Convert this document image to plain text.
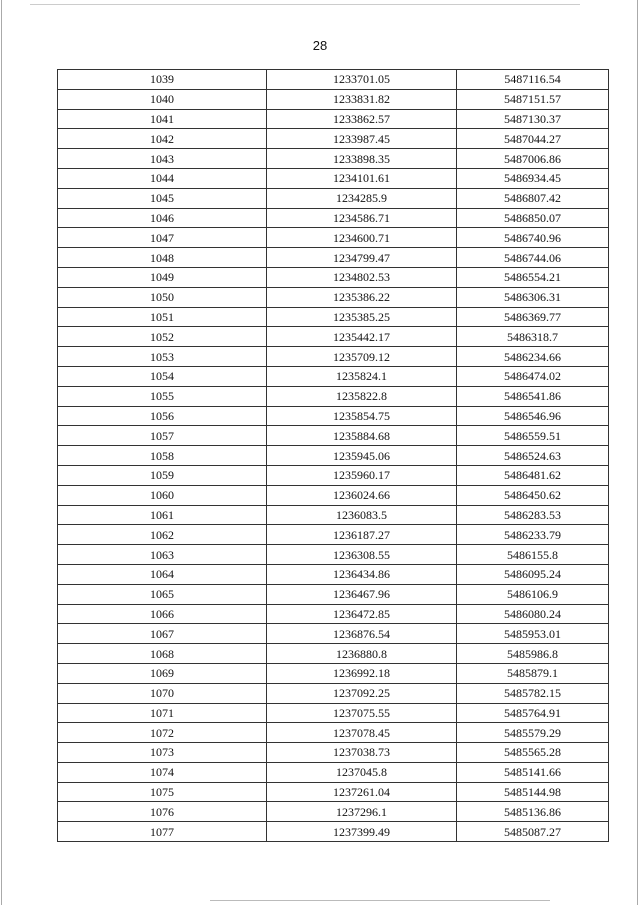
28
1039	1233701.05	5487116.54
1040	1233831.82	5487151.57
1041	1233862.57	5487130.37
1042	1233987.45	5487044.27
1043	1233898.35	5487006.86
1044	1234101.61	5486934.45
1045	1234285.9	5486807.42
1046	1234586.71	5486850.07
1047	1234600.71	5486740.96
1048	1234799.47	5486744.06
1049	1234802.53	5486554.21
1050	1235386.22	5486306.31
1051	1235385.25	5486369.77
1052	1235442.17	5486318.7
1053	1235709.12	5486234.66
1054	1235824.1	5486474.02
1055	1235822.8	5486541.86
1056	1235854.75	5486546.96
1057	1235884.68	5486559.51
1058	1235945.06	5486524.63
1059	1235960.17	5486481.62
1060	1236024.66	5486450.62
1061	1236083.5	5486283.53
1062	1236187.27	5486233.79
1063	1236308.55	5486155.8
1064	1236434.86	5486095.24
1065	1236467.96	5486106.9
1066	1236472.85	5486080.24
1067	1236876.54	5485953.01
1068	1236880.8	5485986.8
1069	1236992.18	5485879.1
1070	1237092.25	5485782.15
1071	1237075.55	5485764.91
1072	1237078.45	5485579.29
1073	1237038.73	5485565.28
1074	1237045.8	5485141.66
1075	1237261.04	5485144.98
1076	1237296.1	5485136.86
1077	1237399.49	5485087.27
